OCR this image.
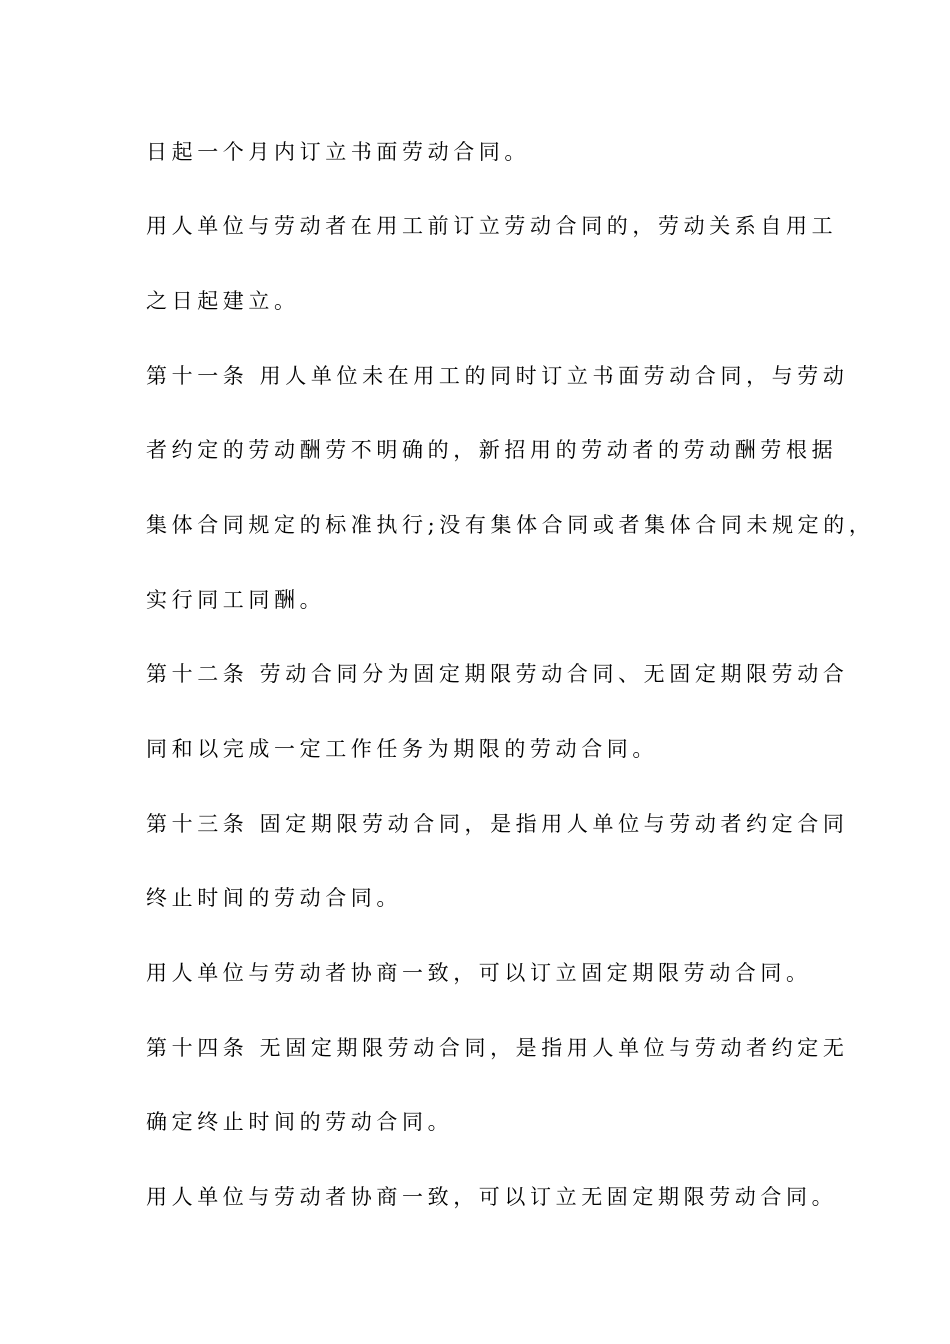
日起一个月内订立书面劳动合同。

用人单位与劳动者在用工前订立劳动合同的，劳动关系自用工

之日起建立。

第十一条 用人单位未在用工的同时订立书面劳动合同，与劳动

者约定的劳动酬劳不明确的，新招用的劳动者的劳动酬劳根据

集体合同规定的标准执行;没有集体合同或者集体合同未规定的，

实行同工同酬。

第十二条 劳动合同分为固定期限劳动合同、无固定期限劳动合

同和以完成一定工作任务为期限的劳动合同。

第十三条 固定期限劳动合同，是指用人单位与劳动者约定合同

终止时间的劳动合同。

用人单位与劳动者协商一致，可以订立固定期限劳动合同。

第十四条 无固定期限劳动合同，是指用人单位与劳动者约定无

确定终止时间的劳动合同。

用人单位与劳动者协商一致，可以订立无固定期限劳动合同。
